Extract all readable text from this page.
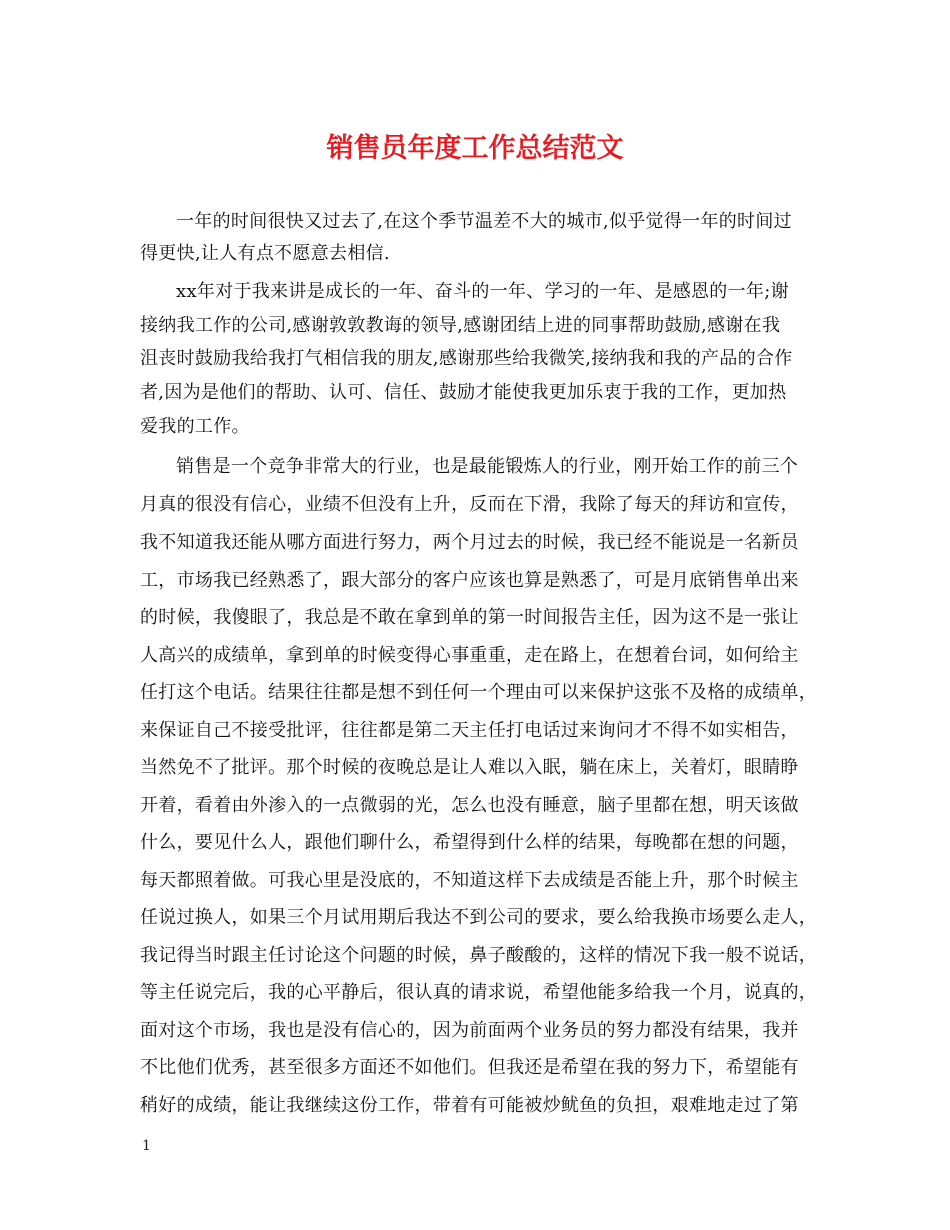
销售员年度工作总结范文
一年的时间很快又过去了,在这个季节温差不大的城市,似乎觉得一年的时间过
得更快,让人有点不愿意去相信.
xx年对于我来讲是成长的一年、奋斗的一年、学习的一年、是感恩的一年;谢
接纳我工作的公司,感谢敦敦教诲的领导,感谢团结上进的同事帮助鼓励,感谢在我
沮丧时鼓励我给我打气相信我的朋友,感谢那些给我微笑,接纳我和我的产品的合作
者,因为是他们的帮助、认可、信任、鼓励才能使我更加乐衷于我的工作，更加热
爱我的工作。
销售是一个竞争非常大的行业，也是最能锻炼人的行业，刚开始工作的前三个
月真的很没有信心，业绩不但没有上升，反而在下滑，我除了每天的拜访和宣传，
我不知道我还能从哪方面进行努力，两个月过去的时候，我已经不能说是一名新员
工，市场我已经熟悉了，跟大部分的客户应该也算是熟悉了，可是月底销售单出来
的时候，我傻眼了，我总是不敢在拿到单的第一时间报告主任，因为这不是一张让
人高兴的成绩单，拿到单的时候变得心事重重，走在路上，在想着台词，如何给主
任打这个电话。结果往往都是想不到任何一个理由可以来保护这张不及格的成绩单，
来保证自己不接受批评，往往都是第二天主任打电话过来询问才不得不如实相告，
当然免不了批评。那个时候的夜晚总是让人难以入眠，躺在床上，关着灯，眼睛睁
开着，看着由外渗入的一点微弱的光，怎么也没有睡意，脑子里都在想，明天该做
什么，要见什么人，跟他们聊什么，希望得到什么样的结果，每晚都在想的问题，
每天都照着做。可我心里是没底的，不知道这样下去成绩是否能上升，那个时候主
任说过换人，如果三个月试用期后我达不到公司的要求，要么给我换市场要么走人，
我记得当时跟主任讨论这个问题的时候，鼻子酸酸的，这样的情况下我一般不说话，
等主任说完后，我的心平静后，很认真的请求说，希望他能多给我一个月，说真的，
面对这个市场，我也是没有信心的，因为前面两个业务员的努力都没有结果，我并
不比他们优秀，甚至很多方面还不如他们。但我还是希望在我的努力下，希望能有
稍好的成绩，能让我继续这份工作，带着有可能被炒鱿鱼的负担，艰难地走过了第
1
